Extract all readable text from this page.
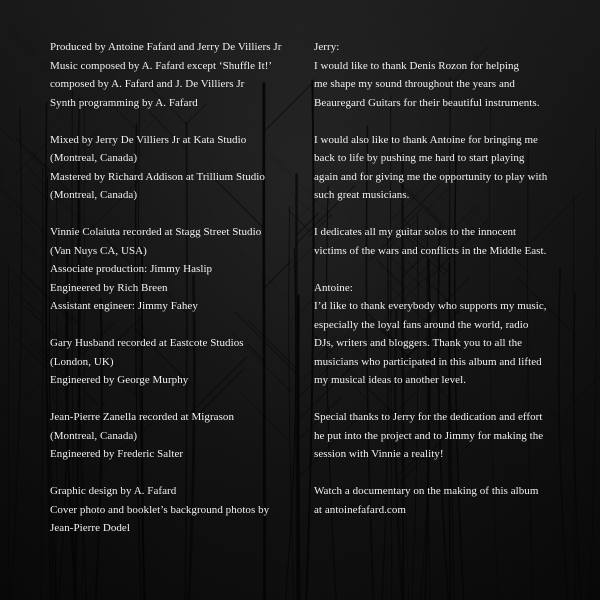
Produced by Antoine Fafard and Jerry De Villiers Jr
Music composed by A. Fafard except ‘Shuffle It!’
composed by A. Fafard and J. De Villiers Jr
Synth programming by A. Fafard
Mixed by Jerry De Villiers Jr at Kata Studio
(Montreal, Canada)
Mastered by Richard Addison at Trillium Studio
(Montreal, Canada)
Vinnie Colaiuta recorded at Stagg Street Studio
(Van Nuys CA, USA)
Associate production: Jimmy Haslip
Engineered by Rich Breen
Assistant engineer: Jimmy Fahey
Gary Husband recorded at Eastcote Studios
(London, UK)
Engineered by George Murphy
Jean-Pierre Zanella recorded at Migrason
(Montreal, Canada)
Engineered by Frederic Salter
Graphic design by A. Fafard
Cover photo and booklet’s background photos by
Jean-Pierre Dodel
Jerry:
I would like to thank Denis Rozon for helping
me shape my sound throughout the years and
Beauregard Guitars for their beautiful instruments.
I would also like to thank Antoine for bringing me
back to life by pushing me hard to start playing
again and for giving me the opportunity to play with
such great musicians.
I dedicates all my guitar solos to the innocent
victims of the wars and conflicts in the Middle East.
Antoine:
I’d like to thank everybody who supports my music,
especially the loyal fans around the world, radio
DJs, writers and bloggers. Thank you to all the
musicians who participated in this album and lifted
my musical ideas to another level.
Special thanks to Jerry for the dedication and effort
he put into the project and to Jimmy for making the
session with Vinnie a reality!
Watch a documentary on the making of this album
at antoinefafard.com
